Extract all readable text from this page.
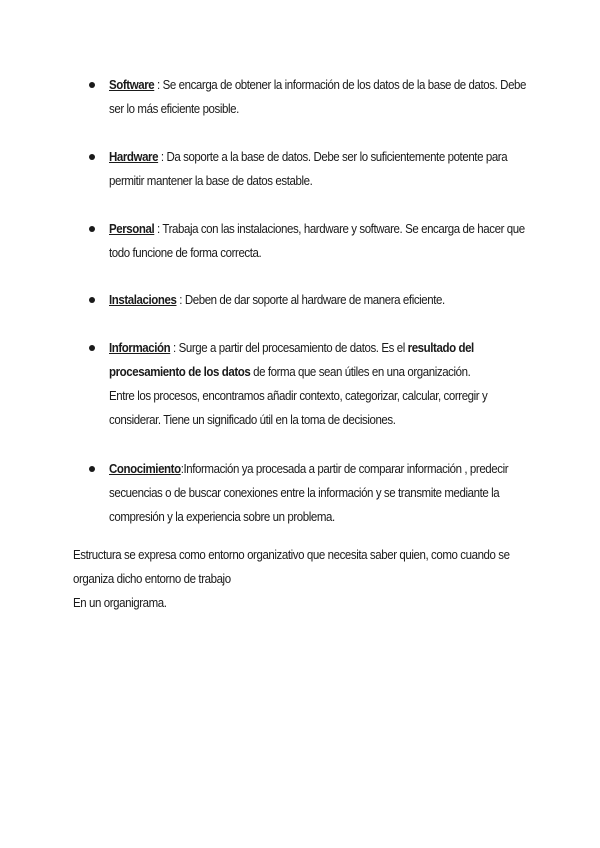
Software : Se encarga de obtener la información de los datos de la base de datos. Debe
ser lo más eficiente posible.
Hardware : Da soporte a la base de datos. Debe ser lo suficientemente potente para
permitir mantener la base de datos estable.
Personal : Trabaja con las instalaciones, hardware y software. Se encarga de hacer que
todo funcione de forma correcta.
Instalaciones : Deben de dar soporte al hardware de manera eficiente.
Información : Surge a partir del procesamiento de datos. Es el resultado del
procesamiento de los datos de forma que sean útiles en una organización.
Entre los procesos, encontramos añadir contexto, categorizar, calcular, corregir y
considerar. Tiene un significado útil en la toma de decisiones.
Conocimiento:Información ya procesada a partir de comparar información , predecir
secuencias o de buscar conexiones entre la información y se transmite mediante la
compresión y la experiencia sobre un problema.
Estructura se expresa como entorno organizativo que necesita saber quien, como cuando se
organiza dicho entorno de trabajo
En un organigrama.
